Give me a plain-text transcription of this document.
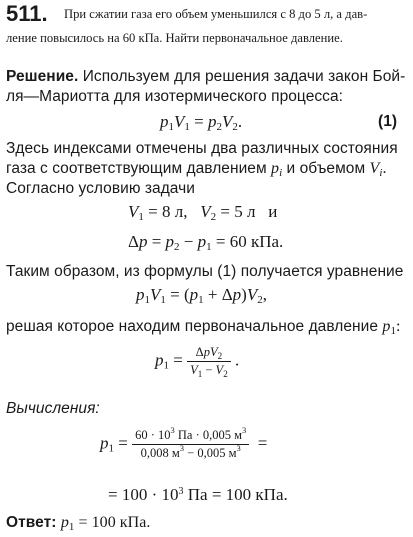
511. При сжатии газа его объем уменьшился с 8 до 5 л, а дав-
ление повысилось на 60 кПа. Найти первоначальное давление.
Решение. Используем для решения задачи закон Бой-
ля—Мариотта для изотермического процесса:
$p_1V_1 = p_2V_2$.	(1)
Здесь индексами отмечены два различных состояния
газа с соответствующим давлением $p_i$ и объемом $V_i$.
Согласно условию задачи
$V_1 = 8$ л, $V_2 = 5$ л и
$\Delta p = p_2 - p_1 = 60$ кПа.
Таким образом, из формулы (1) получается уравнение
$p_1V_1 = (p_1 + \Delta p)V_2$,
решая которое находим первоначальное давление $p_1$:
$p_1 = \frac{\Delta pV_2}{V_1 - V_2}$ .
Вычисления:
$p_1 = \frac{60 \cdot 10^3 Па \cdot 0,005 м^3}{0,008 м^3 - 0,005 м^3}$ =
= $100 \cdot 10^3$ Па = 100 кПа.
Ответ: $p_1 = 100$ кПа.
